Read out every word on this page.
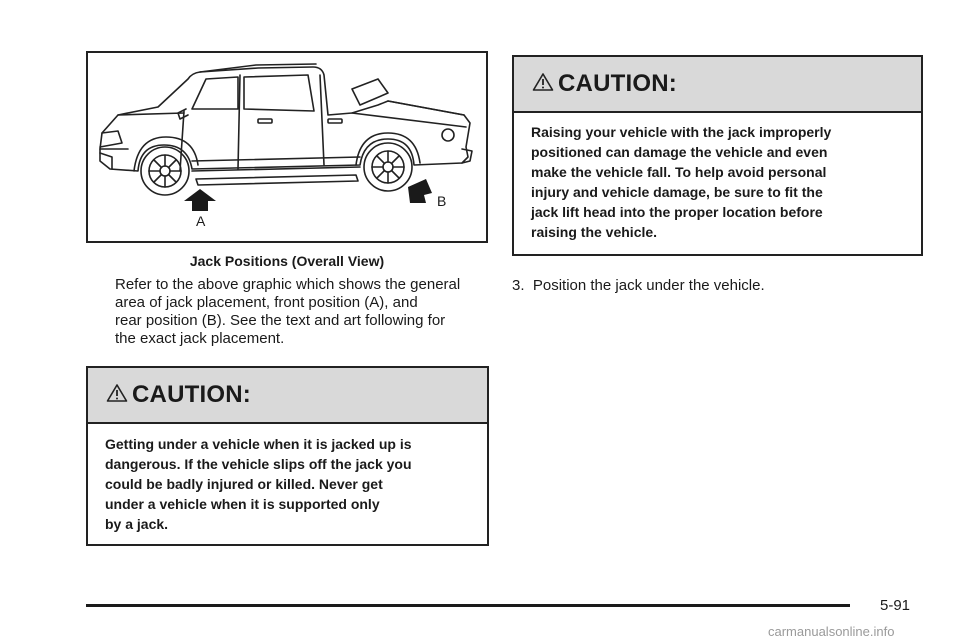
A
B
Jack Positions (Overall View)
Refer to the above graphic which shows the general
area of jack placement, front position (A), and
rear position (B). See the text and art following for
the exact jack placement.
CAUTION:
Getting under a vehicle when it is jacked up is
dangerous. If the vehicle slips off the jack you
could be badly injured or killed. Never get
under a vehicle when it is supported only
by a jack.
CAUTION:
Raising your vehicle with the jack improperly
positioned can damage the vehicle and even
make the vehicle fall. To help avoid personal
injury and vehicle damage, be sure to fit the
jack lift head into the proper location before
raising the vehicle.
3.  Position the jack under the vehicle.
5-91
carmanualsonline.info
